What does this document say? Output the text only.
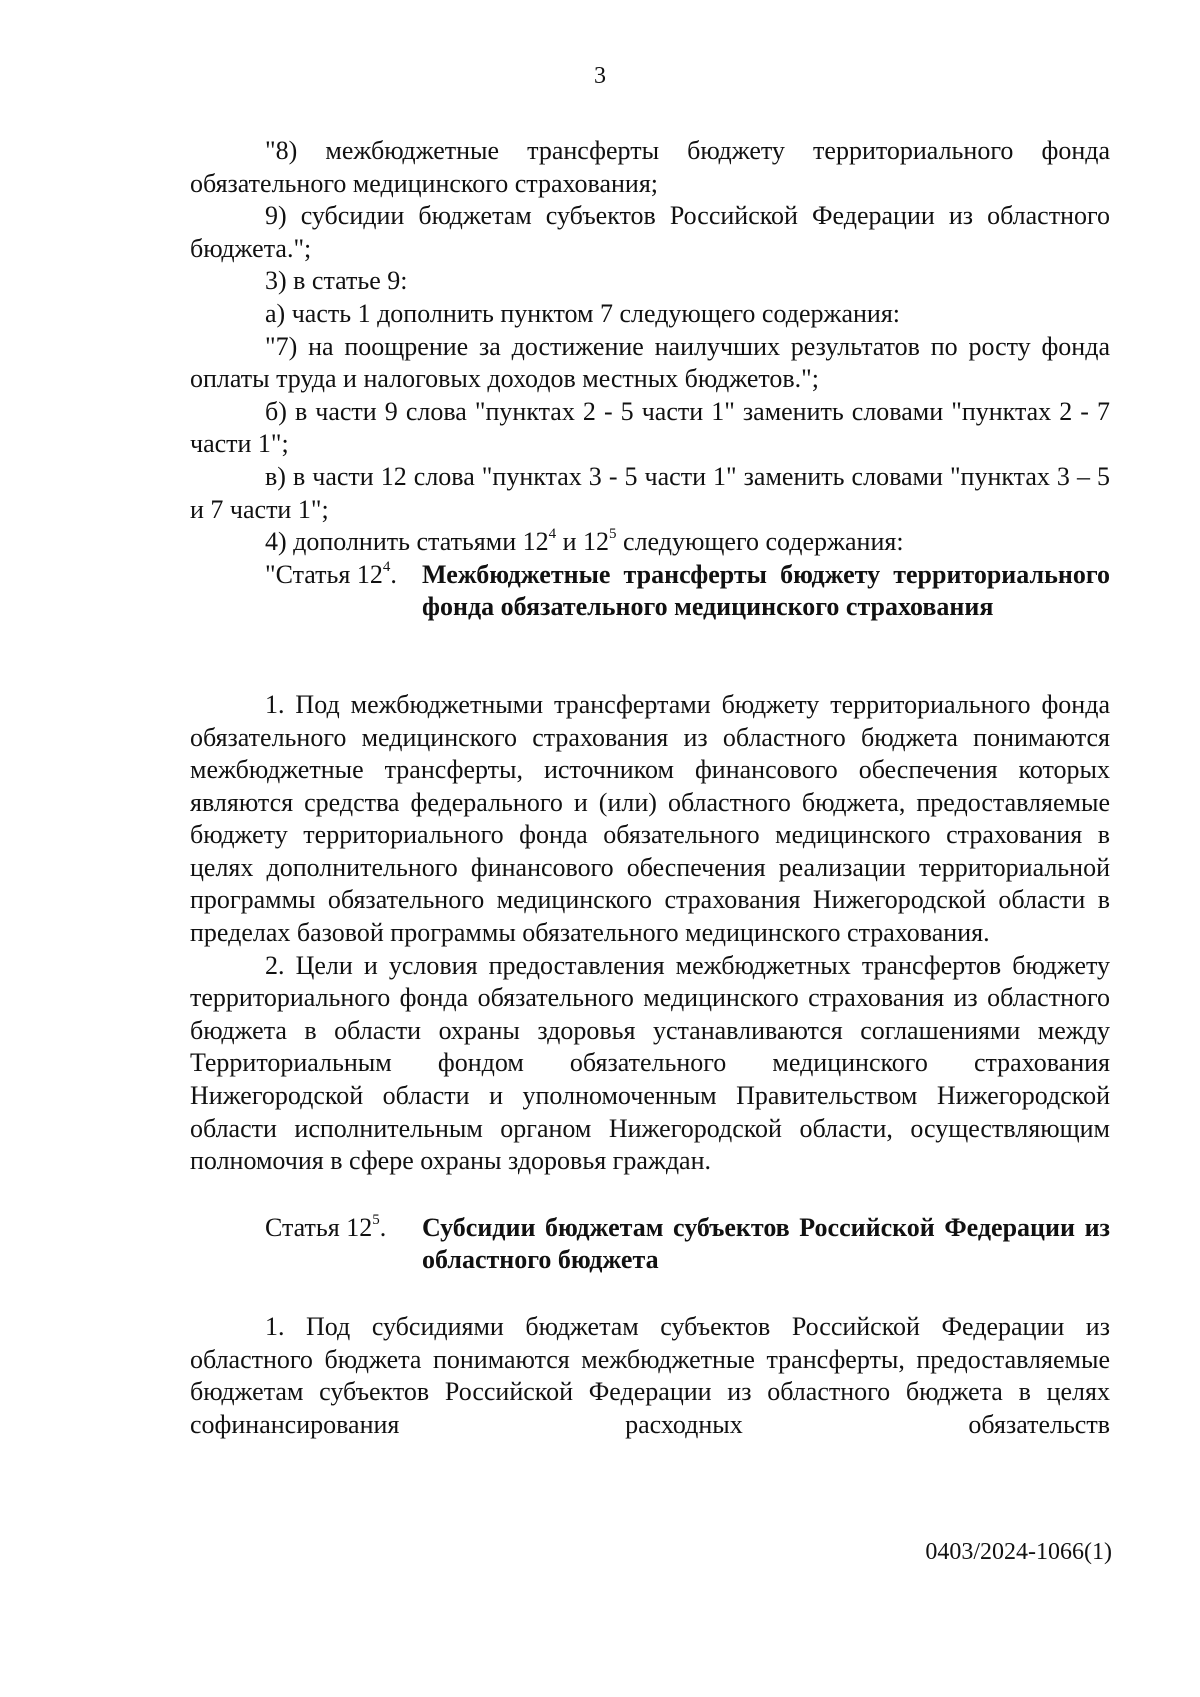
3

"8) межбюджетные трансферты бюджету территориального фонда обязательного медицинского страхования;

9) субсидии бюджетам субъектов Российской Федерации из областного бюджета.";

3) в статье 9:

а) часть 1 дополнить пунктом 7 следующего содержания:

"7) на поощрение за достижение наилучших результатов по росту фонда оплаты труда и налоговых доходов местных бюджетов.";

б) в части 9 слова "пунктах 2 - 5 части 1" заменить словами "пунктах 2 - 7 части 1";

в) в части 12 слова "пунктах 3 - 5 части 1" заменить словами "пунктах 3 – 5 и 7 части 1";

4) дополнить статьями $12^4$ и $12^5$ следующего содержания:

"Статья $12^4$. Межбюджетные трансферты бюджету территориального фонда обязательного медицинского страхования

1. Под межбюджетными трансфертами бюджету территориального фонда обязательного медицинского страхования из областного бюджета понимаются межбюджетные трансферты, источником финансового обеспечения которых являются средства федерального и (или) областного бюджета, предоставляемые бюджету территориального фонда обязательного медицинского страхования в целях дополнительного финансового обеспечения реализации территориальной программы обязательного медицинского страхования Нижегородской области в пределах базовой программы обязательного медицинского страхования.

2. Цели и условия предоставления межбюджетных трансфертов бюджету территориального фонда обязательного медицинского страхования из областного бюджета в области охраны здоровья устанавливаются соглашениями между Территориальным фондом обязательного медицинского страхования Нижегородской области и уполномоченным Правительством Нижегородской области исполнительным органом Нижегородской области, осуществляющим полномочия в сфере охраны здоровья граждан.

Статья $12^5$. Субсидии бюджетам субъектов Российской Федерации из областного бюджета

1. Под субсидиями бюджетам субъектов Российской Федерации из областного бюджета понимаются межбюджетные трансферты, предоставляемые бюджетам субъектов Российской Федерации из областного бюджета в целях софинансирования расходных обязательств

0403/2024-1066(1)
